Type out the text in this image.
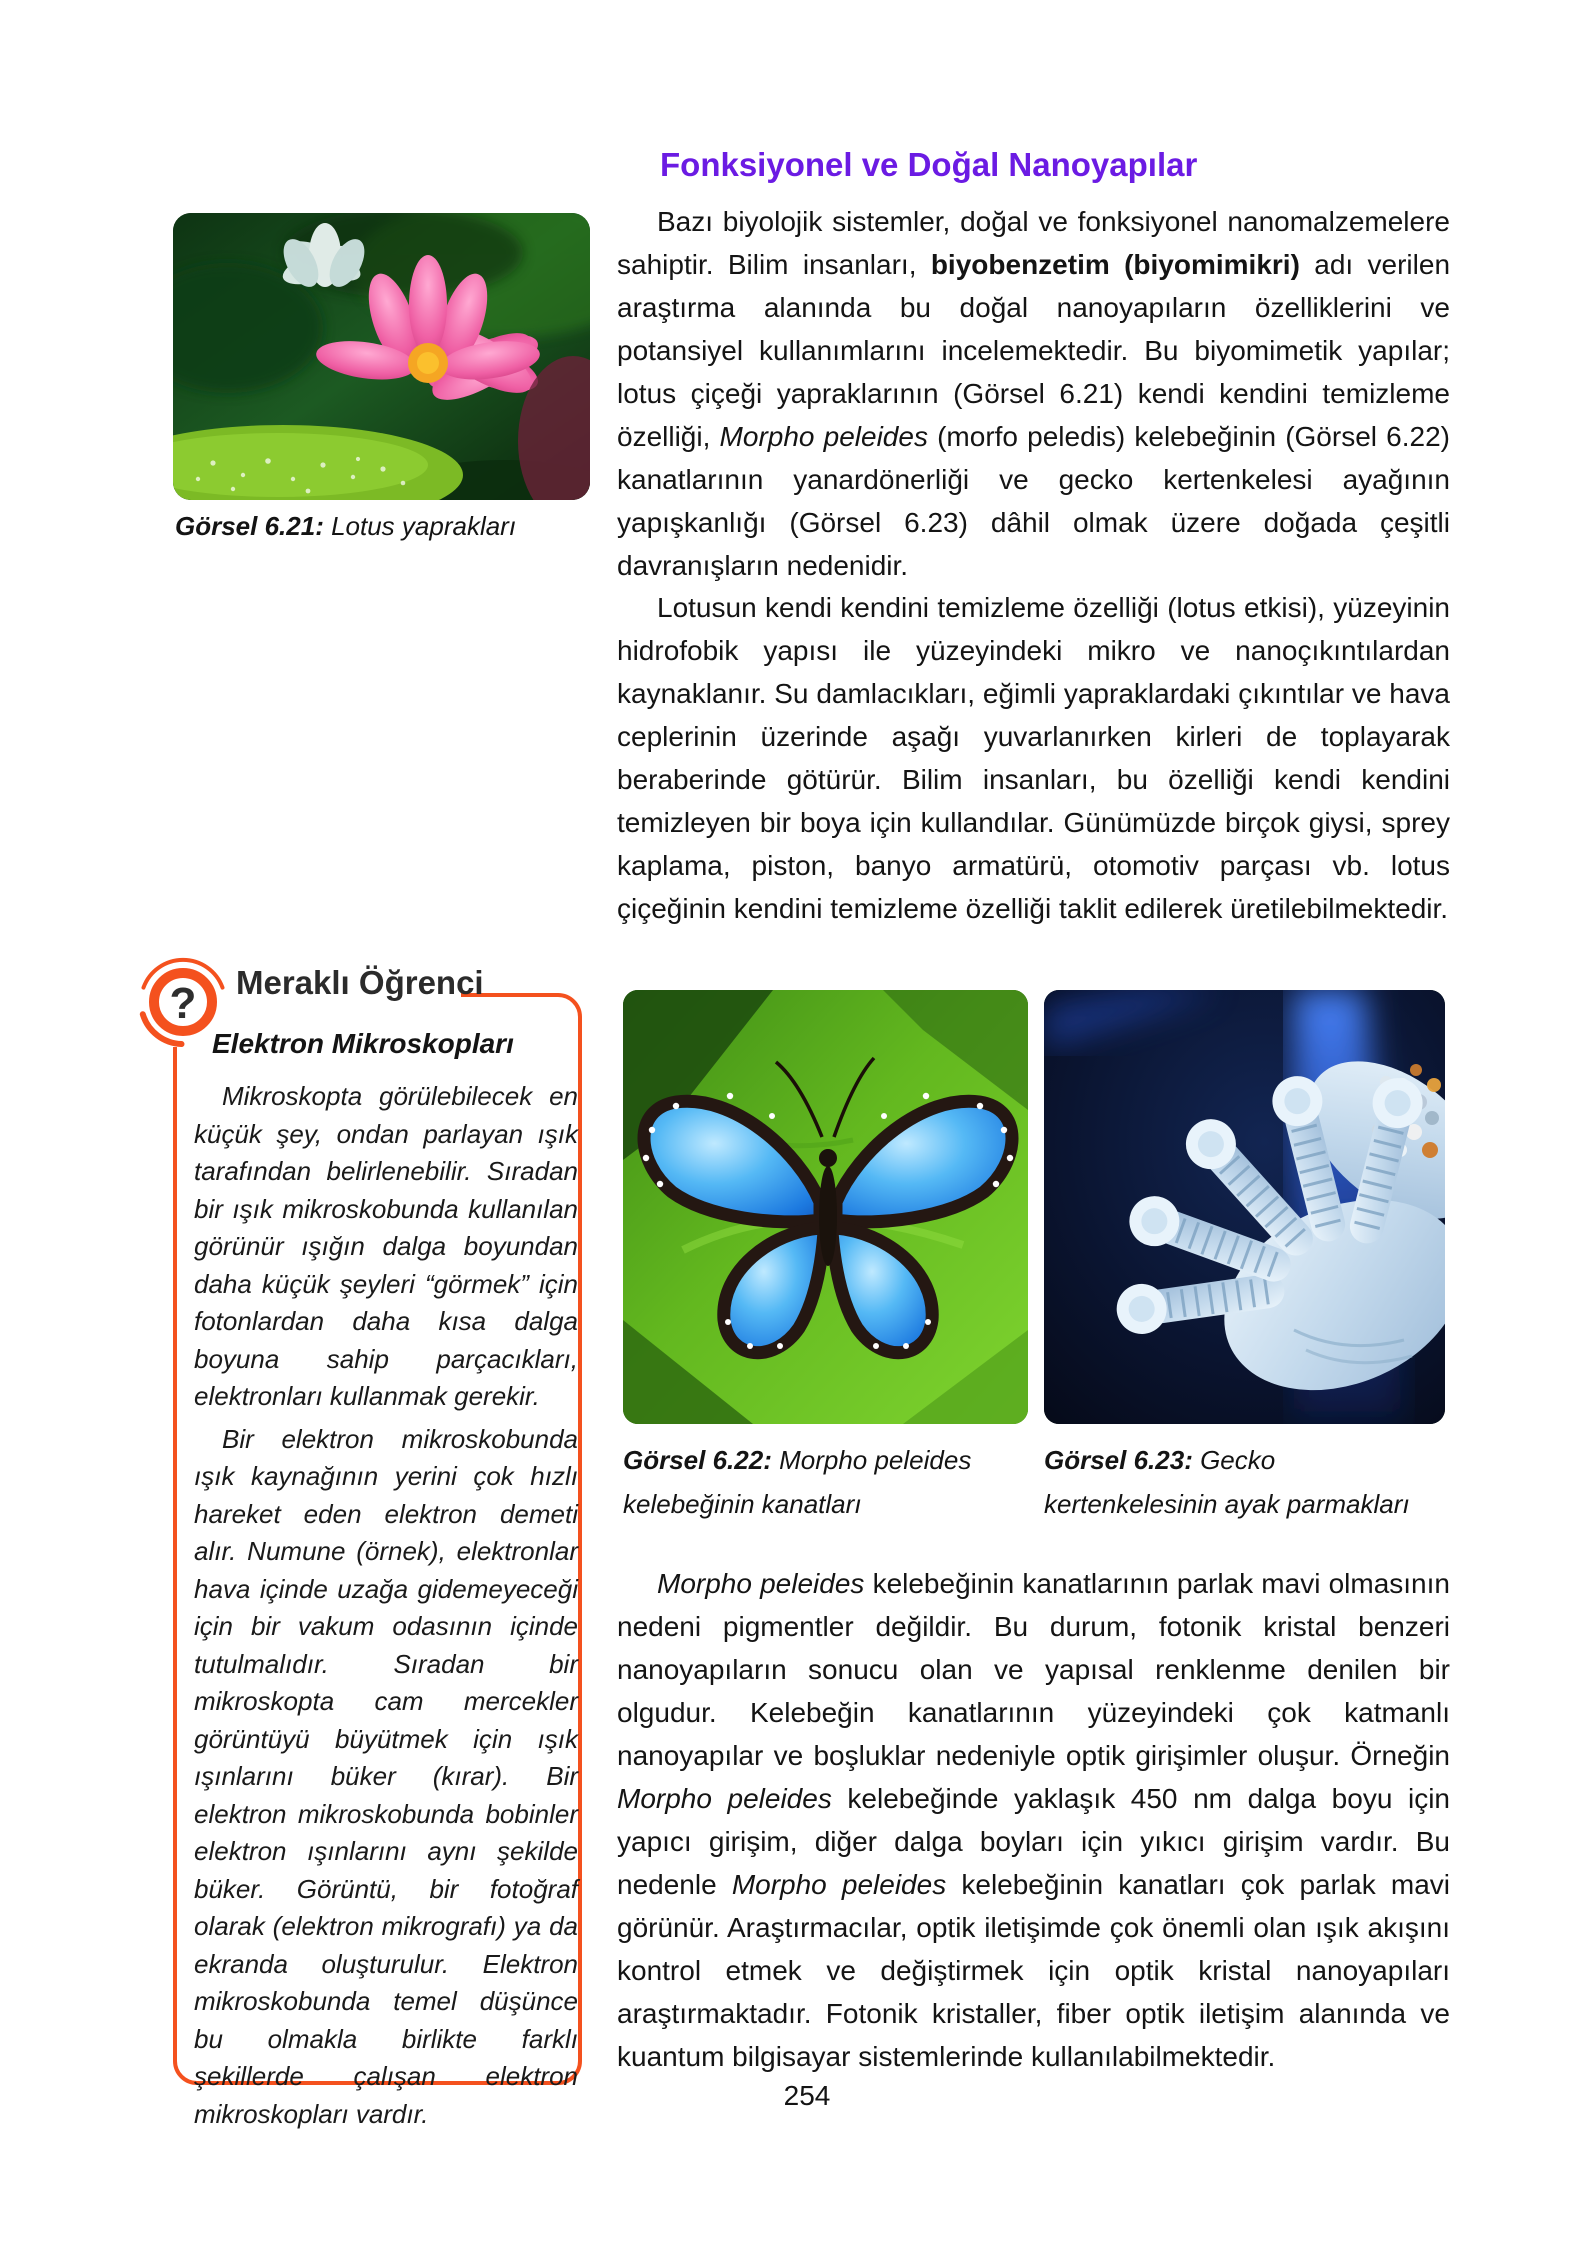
Fonksiyonel ve Doğal Nanoyapılar
Bazı biyolojik sistemler, doğal ve fonksiyonel nanomalzemelere sahiptir. Bilim insanları, biyobenzetim (biyomimikri) adı verilen araştırma alanında bu doğal nanoyapıların özelliklerini ve potansiyel kullanımlarını incelemektedir. Bu biyomimetik yapılar; lotus çiçeği yapraklarının (Görsel 6.21) kendi kendini temizleme özelliği, Morpho peleides (morfo peledis) kelebeğinin (Görsel 6.22) kanatlarının yanardönerliği ve gecko kertenkelesi ayağının yapışkanlığı (Görsel 6.23) dâhil olmak üzere doğada çeşitli davranışların nedenidir.
Lotusun kendi kendini temizleme özelliği (lotus etkisi), yüzeyinin hidrofobik yapısı ile yüzeyindeki mikro ve nanoçıkıntılardan kaynaklanır. Su damlacıkları, eğimli yapraklardaki çıkıntılar ve hava ceplerinin üzerinde aşağı yuvarlanırken kirleri de toplayarak beraberinde götürür. Bilim insanları, bu özelliği kendi kendini temizleyen bir boya için kullandılar. Günümüzde birçok giysi, sprey kaplama, piston, banyo armatürü, otomotiv parçası vb. lotus çiçeğinin kendini temizleme özelliği taklit edilerek üretilebilmektedir.
Görsel 6.21: Lotus yaprakları
? Meraklı Öğrenci
Elektron Mikroskopları

Mikroskopta görülebilecek en küçük şey, ondan parlayan ışık tarafından belirlenebilir. Sıradan bir ışık mikroskobunda kullanılan görünür ışığın dalga boyundan daha küçük şeyleri “görmek” için fotonlardan daha kısa dalga boyuna sahip parçacıkları, elektronları kullanmak gerekir.

Bir elektron mikroskobunda ışık kaynağının yerini çok hızlı hareket eden elektron demeti alır. Numune (örnek), elektronlar hava içinde uzağa gidemeyeceği için bir vakum odasının içinde tutulmalıdır. Sıradan bir mikroskopta cam mercekler görüntüyü büyütmek için ışık ışınlarını büker (kırar). Bir elektron mikroskobunda bobinler elektron ışınlarını aynı şekilde büker. Görüntü, bir fotoğraf olarak (elektron mikrografı) ya da ekranda oluşturulur. Elektron mikroskobunda temel düşünce bu olmakla birlikte farklı şekillerde çalışan elektron mikroskopları vardır.

Görsel 6.22: Morpho peleides kelebeğinin kanatları
Görsel 6.23: Gecko kertenkelesinin ayak parmakları
Morpho peleides kelebeğinin kanatlarının parlak mavi olmasının nedeni pigmentler değildir. Bu durum, fotonik kristal benzeri nanoyapıların sonucu olan ve yapısal renklenme denilen bir olgudur. Kelebeğin kanatlarının yüzeyindeki çok katmanlı nanoyapılar ve boşluklar nedeniyle optik girişimler oluşur. Örneğin Morpho peleides kelebeğinde yaklaşık 450 nm dalga boyu için yapıcı girişim, diğer dalga boyları için yıkıcı girişim vardır. Bu nedenle Morpho peleides kelebeğinin kanatları çok parlak mavi görünür. Araştırmacılar, optik iletişimde çok önemli olan ışık akışını kontrol etmek ve değiştirmek için optik kristal nanoyapıları araştırmaktadır. Fotonik kristaller, fiber optik iletişim alanında ve kuantum bilgisayar sistemlerinde kullanılabilmektedir.
254
